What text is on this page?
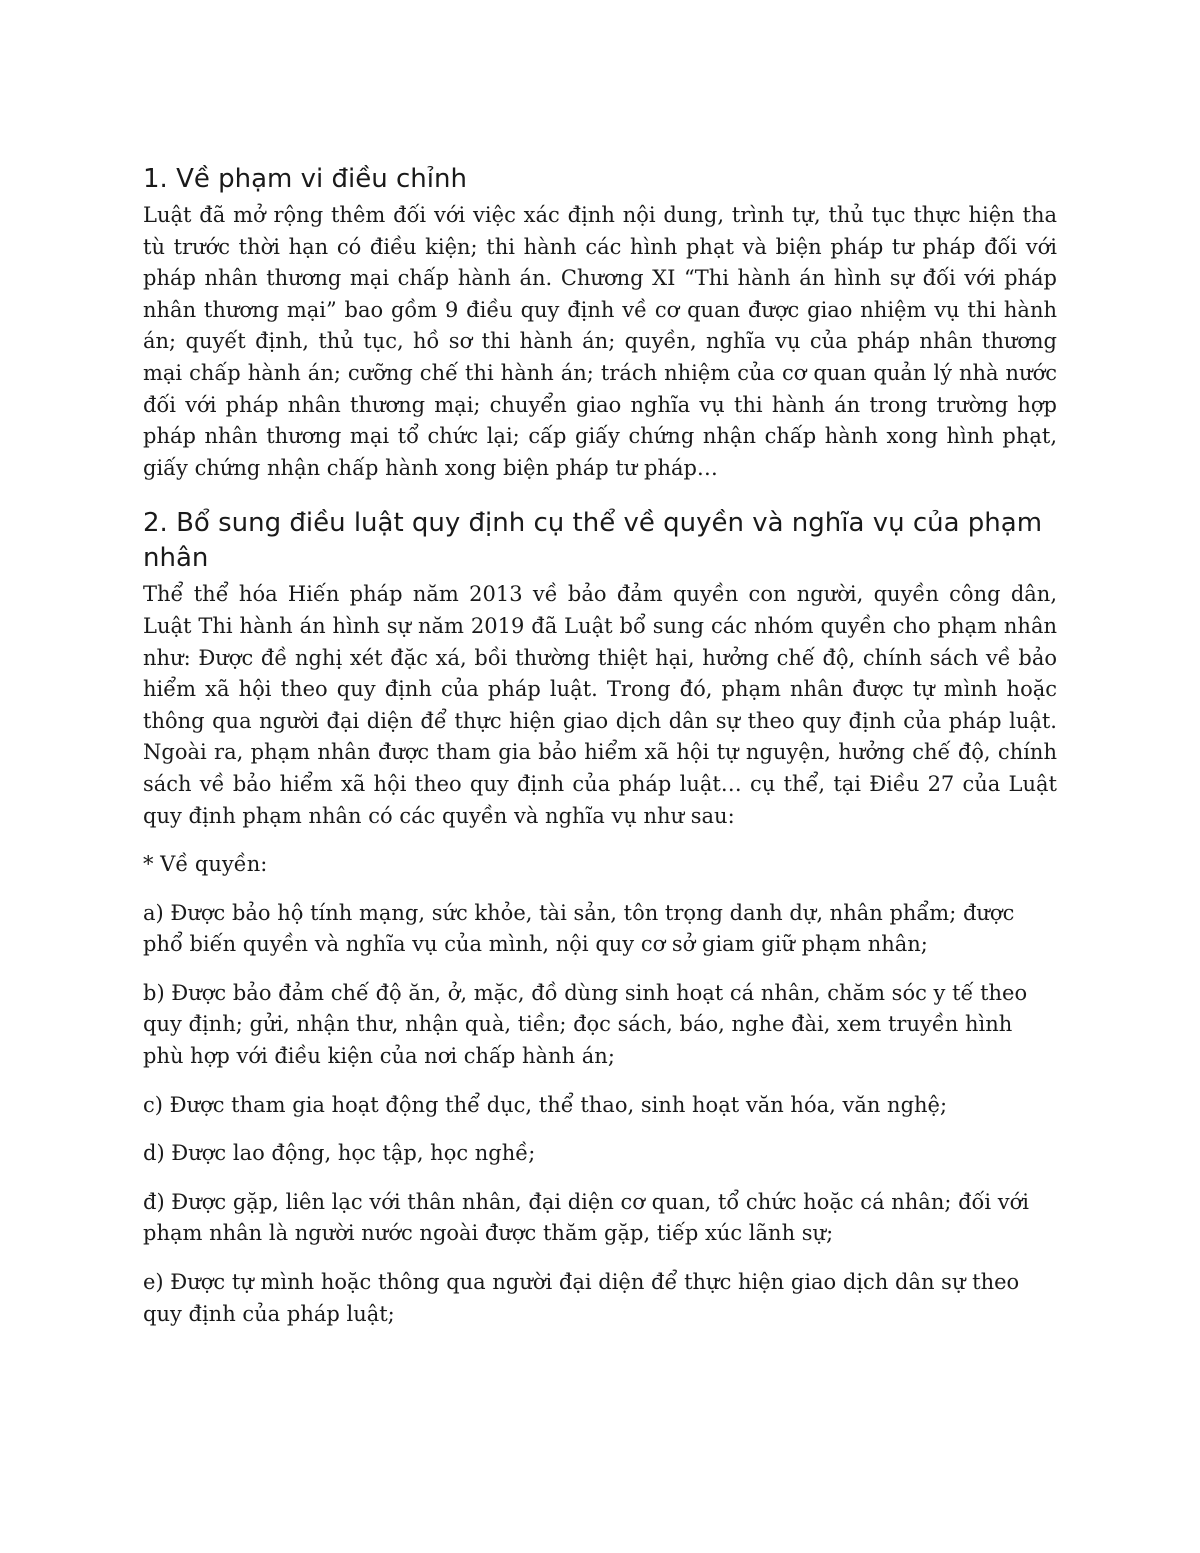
1. Về phạm vi điều chỉnh

Luật đã mở rộng thêm đối với việc xác định nội dung, trình tự, thủ tục thực hiện tha tù trước thời hạn có điều kiện; thi hành các hình phạt và biện pháp tư pháp đối với pháp nhân thương mại chấp hành án. Chương XI “Thi hành án hình sự đối với pháp nhân thương mại” bao gồm 9 điều quy định về cơ quan được giao nhiệm vụ thi hành án; quyết định, thủ tục, hồ sơ thi hành án; quyền, nghĩa vụ của pháp nhân thương mại chấp hành án; cưỡng chế thi hành án; trách nhiệm của cơ quan quản lý nhà nước đối với pháp nhân thương mại; chuyển giao nghĩa vụ thi hành án trong trường hợp pháp nhân thương mại tổ chức lại; cấp giấy chứng nhận chấp hành xong hình phạt, giấy chứng nhận chấp hành xong biện pháp tư pháp…

2. Bổ sung điều luật quy định cụ thể về quyền và nghĩa vụ của phạm nhân

Thể thể hóa Hiến pháp năm 2013 về bảo đảm quyền con người, quyền công dân, Luật Thi hành án hình sự năm 2019 đã Luật bổ sung các nhóm quyền cho phạm nhân như: Được đề nghị xét đặc xá, bồi thường thiệt hại, hưởng chế độ, chính sách về bảo hiểm xã hội theo quy định của pháp luật. Trong đó, phạm nhân được tự mình hoặc thông qua người đại diện để thực hiện giao dịch dân sự theo quy định của pháp luật. Ngoài ra, phạm nhân được tham gia bảo hiểm xã hội tự nguyện, hưởng chế độ, chính sách về bảo hiểm xã hội theo quy định của pháp luật… cụ thể, tại Điều 27 của Luật quy định phạm nhân có các quyền và nghĩa vụ như sau:

* Về quyền:

a) Được bảo hộ tính mạng, sức khỏe, tài sản, tôn trọng danh dự, nhân phẩm; được phổ biến quyền và nghĩa vụ của mình, nội quy cơ sở giam giữ phạm nhân;

b) Được bảo đảm chế độ ăn, ở, mặc, đồ dùng sinh hoạt cá nhân, chăm sóc y tế theo quy định; gửi, nhận thư, nhận quà, tiền; đọc sách, báo, nghe đài, xem truyền hình phù hợp với điều kiện của nơi chấp hành án;

c) Được tham gia hoạt động thể dục, thể thao, sinh hoạt văn hóa, văn nghệ;

d) Được lao động, học tập, học nghề;

đ) Được gặp, liên lạc với thân nhân, đại diện cơ quan, tổ chức hoặc cá nhân; đối với phạm nhân là người nước ngoài được thăm gặp, tiếp xúc lãnh sự;

e) Được tự mình hoặc thông qua người đại diện để thực hiện giao dịch dân sự theo quy định của pháp luật;
